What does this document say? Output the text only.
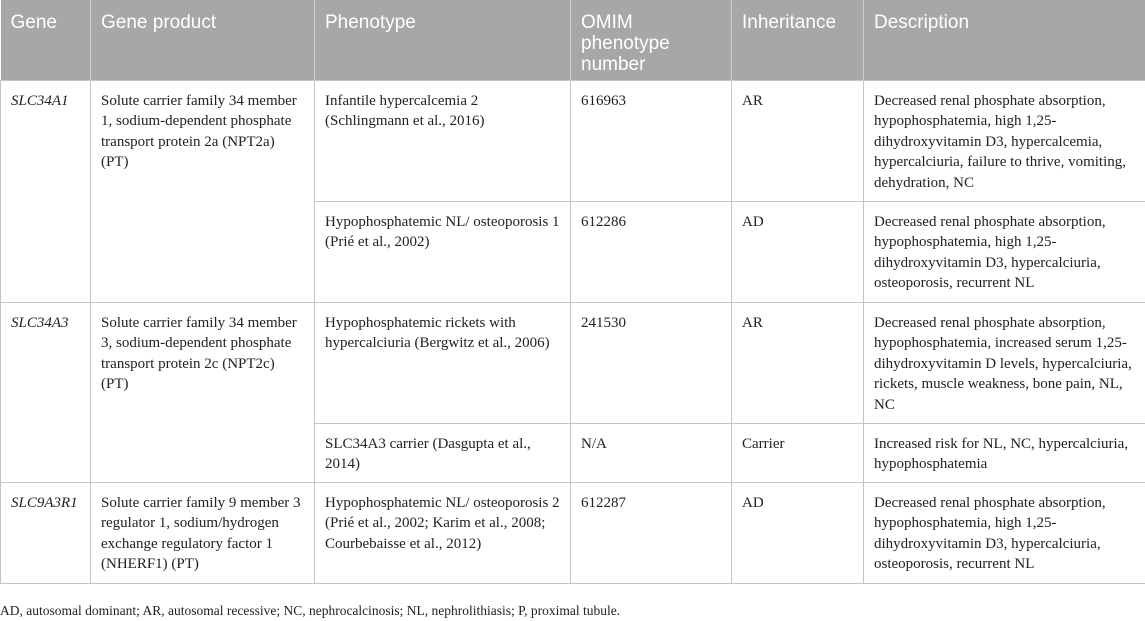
Gene	Gene product	Phenotype	OMIM phenotype number	Inheritance	Description
SLC34A1	Solute carrier family 34 member 1, sodium-dependent phosphate transport protein 2a (NPT2a) (PT)	Infantile hypercalcemia 2 (Schlingmann et al., 2016)	616963	AR	Decreased renal phosphate absorption, hypophosphatemia, high 1,25-dihydroxyvitamin D3, hypercalcemia, hypercalciuria, failure to thrive, vomiting, dehydration, NC
		Hypophosphatemic NL/ osteoporosis 1 (Prié et al., 2002)	612286	AD	Decreased renal phosphate absorption, hypophosphatemia, high 1,25-dihydroxyvitamin D3, hypercalciuria, osteoporosis, recurrent NL
SLC34A3	Solute carrier family 34 member 3, sodium-dependent phosphate transport protein 2c (NPT2c) (PT)	Hypophosphatemic rickets with hypercalciuria (Bergwitz et al., 2006)	241530	AR	Decreased renal phosphate absorption, hypophosphatemia, increased serum 1,25-dihydroxyvitamin D levels, hypercalciuria, rickets, muscle weakness, bone pain, NL, NC
		SLC34A3 carrier (Dasgupta et al., 2014)	N/A	Carrier	Increased risk for NL, NC, hypercalciuria, hypophosphatemia
SLC9A3R1	Solute carrier family 9 member 3 regulator 1, sodium/hydrogen exchange regulatory factor 1 (NHERF1) (PT)	Hypophosphatemic NL/ osteoporosis 2 (Prié et al., 2002; Karim et al., 2008; Courbebaisse et al., 2012)	612287	AD	Decreased renal phosphate absorption, hypophosphatemia, high 1,25-dihydroxyvitamin D3, hypercalciuria, osteoporosis, recurrent NL
AD, autosomal dominant; AR, autosomal recessive; NC, nephrocalcinosis; NL, nephrolithiasis; P, proximal tubule.
